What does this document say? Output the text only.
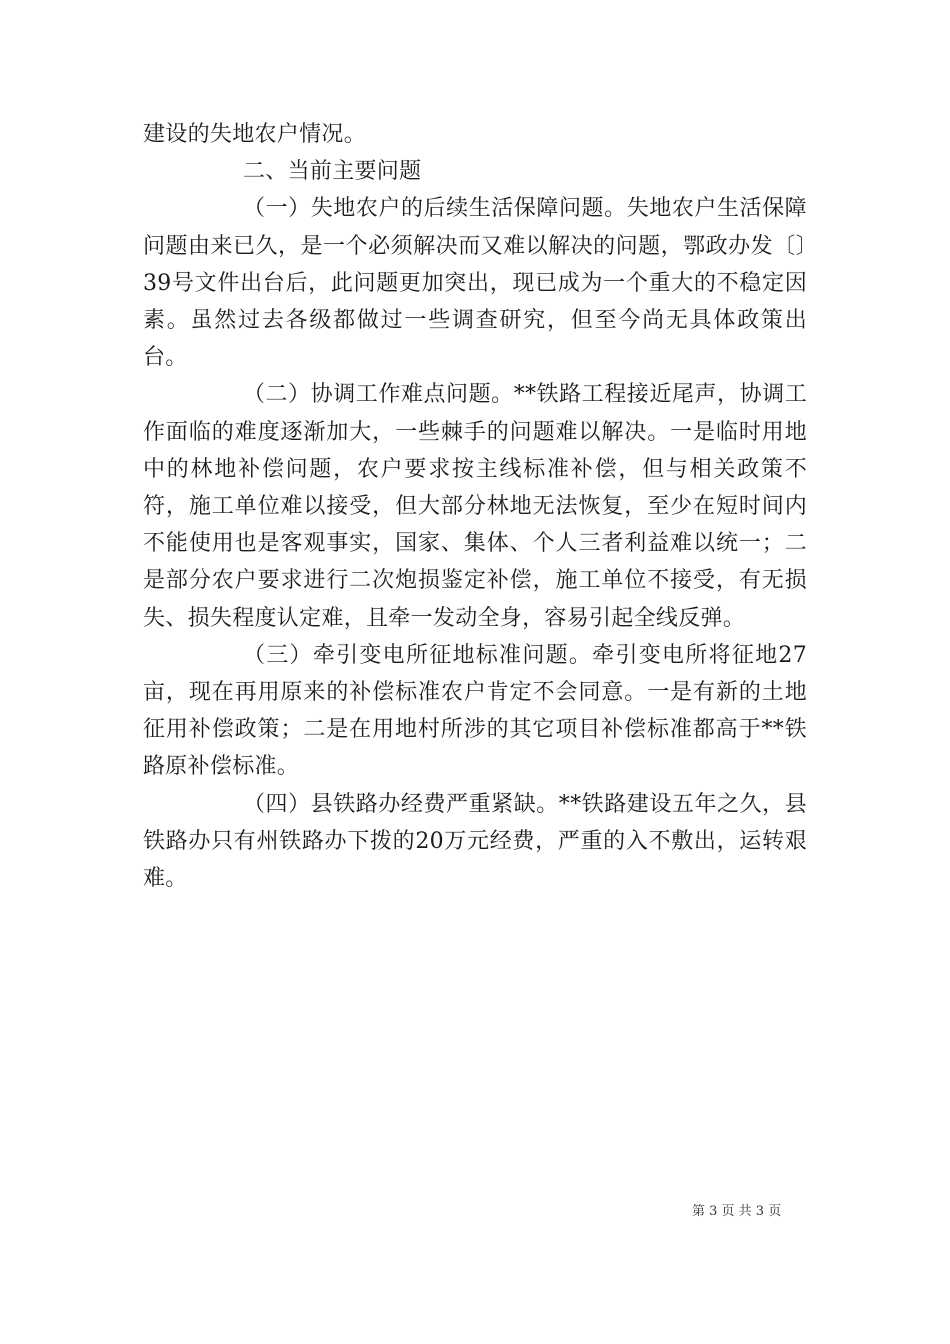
建设的失地农户情况。

二、当前主要问题

（一）失地农户的后续生活保障问题。失地农户生活保障问题由来已久，是一个必须解决而又难以解决的问题，鄂政办发〔〕39号文件出台后，此问题更加突出，现已成为一个重大的不稳定因素。虽然过去各级都做过一些调查研究，但至今尚无具体政策出台。

（二）协调工作难点问题。**铁路工程接近尾声，协调工作面临的难度逐渐加大，一些棘手的问题难以解决。一是临时用地中的林地补偿问题，农户要求按主线标准补偿，但与相关政策不符，施工单位难以接受，但大部分林地无法恢复，至少在短时间内不能使用也是客观事实，国家、集体、个人三者利益难以统一；二是部分农户要求进行二次炮损鉴定补偿，施工单位不接受，有无损失、损失程度认定难，且牵一发动全身，容易引起全线反弹。

（三）牵引变电所征地标准问题。牵引变电所将征地27亩，现在再用原来的补偿标准农户肯定不会同意。一是有新的土地征用补偿政策；二是在用地村所涉的其它项目补偿标准都高于**铁路原补偿标准。

（四）县铁路办经费严重紧缺。**铁路建设五年之久，县铁路办只有州铁路办下拨的20万元经费，严重的入不敷出，运转艰难。

第 3 页 共 3 页
